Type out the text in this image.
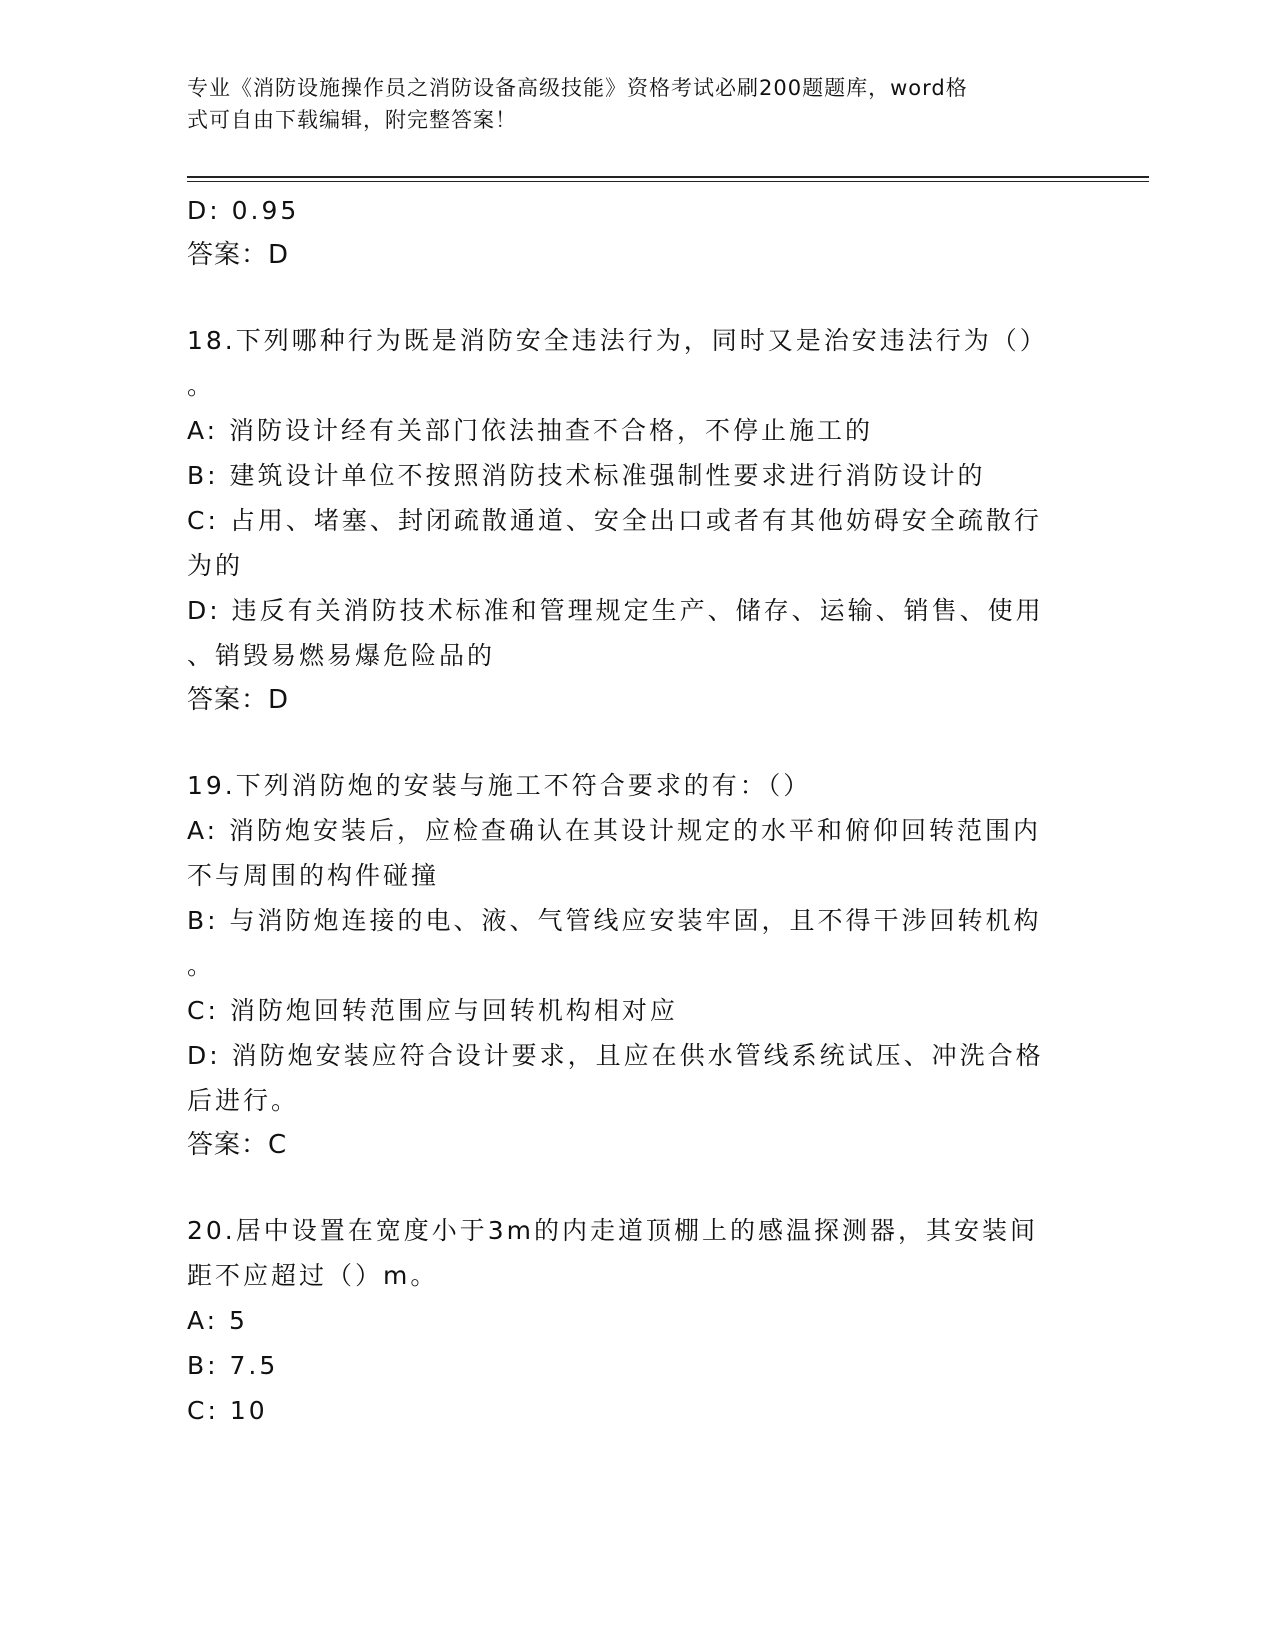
专业《消防设施操作员之消防设备高级技能》资格考试必刷200题题库，word格
式可自由下载编辑，附完整答案！

D: 0.95

答案：D

18.下列哪种行为既是消防安全违法行为，同时又是治安违法行为（）

。

A: 消防设计经有关部门依法抽查不合格，不停止施工的

B: 建筑设计单位不按照消防技术标准强制性要求进行消防设计的

C: 占用、堵塞、封闭疏散通道、安全出口或者有其他妨碍安全疏散行

为的

D: 违反有关消防技术标准和管理规定生产、储存、运输、销售、使用

、销毁易燃易爆危险品的

答案：D

19.下列消防炮的安装与施工不符合要求的有：（）

A: 消防炮安装后，应检查确认在其设计规定的水平和俯仰回转范围内

不与周围的构件碰撞

B: 与消防炮连接的电、液、气管线应安装牢固，且不得干涉回转机构

。

C: 消防炮回转范围应与回转机构相对应

D: 消防炮安装应符合设计要求，且应在供水管线系统试压、冲洗合格

后进行。

答案：C

20.居中设置在宽度小于3m的内走道顶棚上的感温探测器，其安装间

距不应超过（）m。

A: 5

B: 7.5

C: 10
